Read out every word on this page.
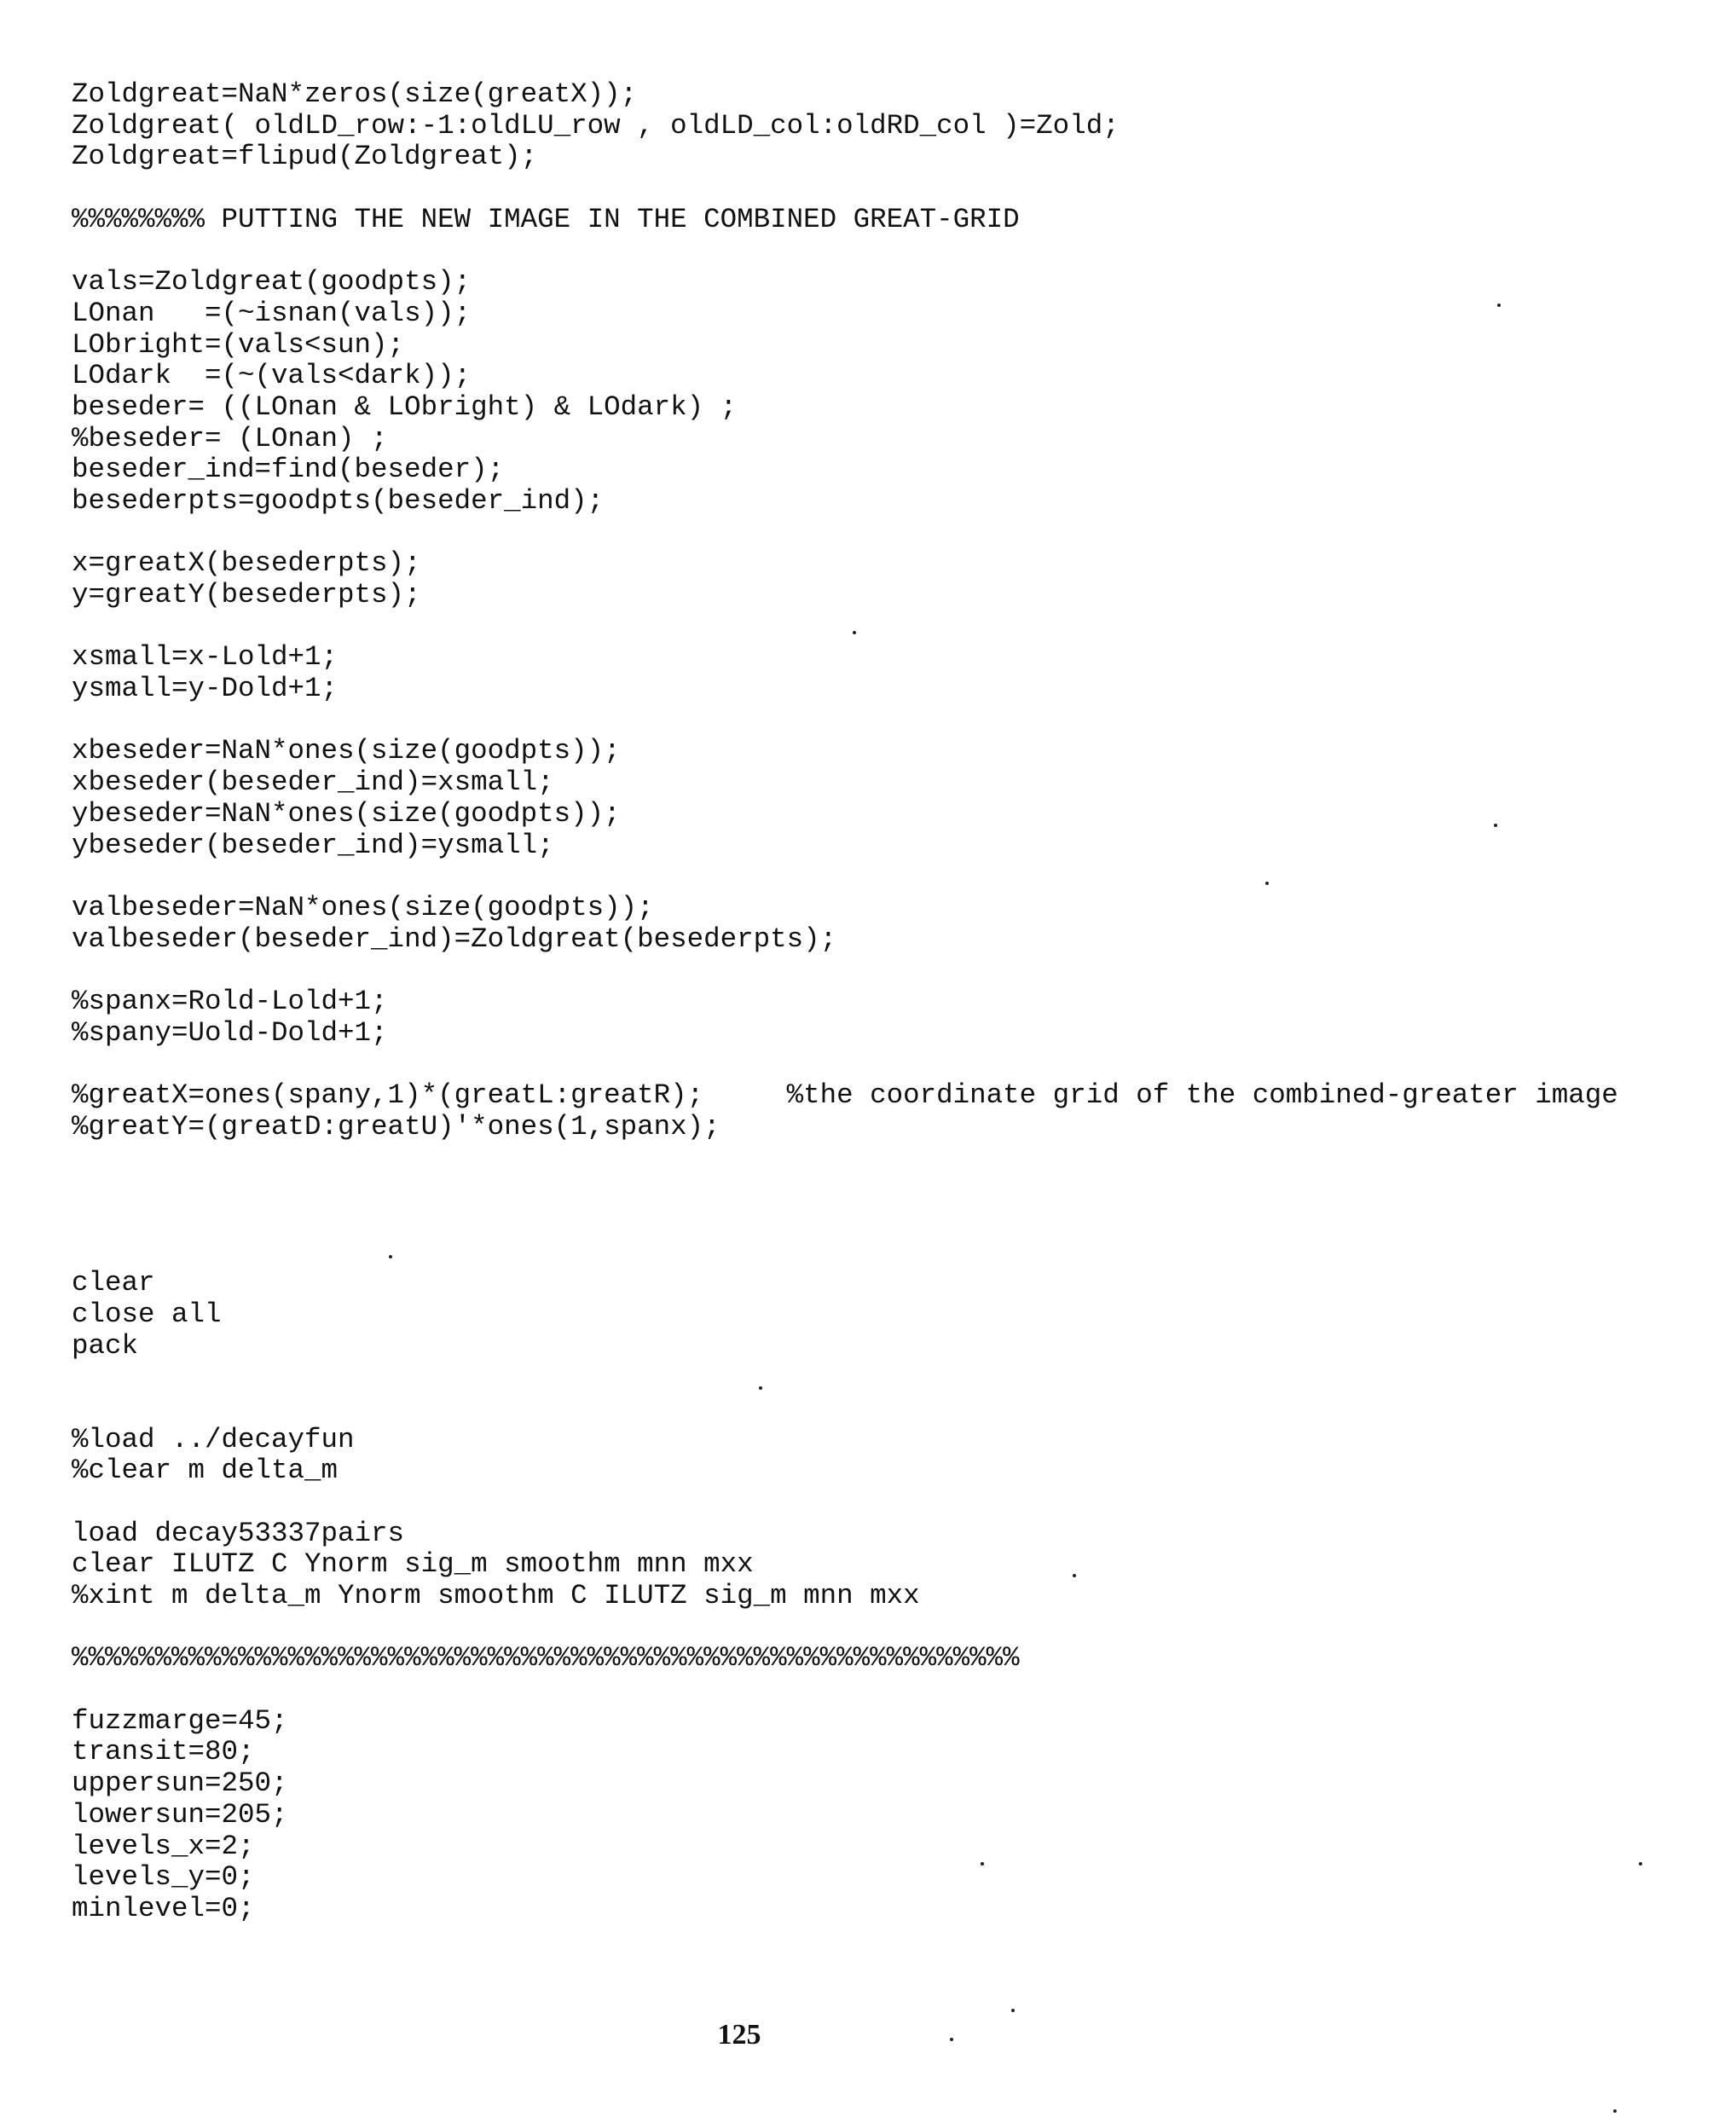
Zoldgreat=NaN*zeros(size(greatX));
Zoldgreat( oldLD_row:-1:oldLU_row , oldLD_col:oldRD_col )=Zold;
Zoldgreat=flipud(Zoldgreat);
%%%%%%%% PUTTING THE NEW IMAGE IN THE COMBINED GREAT-GRID
vals=Zoldgreat(goodpts);
LOnan   =(~isnan(vals));
LObright=(vals<sun);
LOdark  =(~(vals<dark));
beseder= ((LOnan & LObright) & LOdark) ;
%beseder= (LOnan) ;
beseder_ind=find(beseder);
besederpts=goodpts(beseder_ind);
x=greatX(besederpts);
y=greatY(besederpts);
xsmall=x-Lold+1;
ysmall=y-Dold+1;
xbeseder=NaN*ones(size(goodpts));
xbeseder(beseder_ind)=xsmall;
ybeseder=NaN*ones(size(goodpts));
ybeseder(beseder_ind)=ysmall;
valbeseder=NaN*ones(size(goodpts));
valbeseder(beseder_ind)=Zoldgreat(besederpts);
%spanx=Rold-Lold+1;
%spany=Uold-Dold+1;
%greatX=ones(spany,1)*(greatL:greatR);     %the coordinate grid of the combined-greater image
%greatY=(greatD:greatU)'*ones(1,spanx);
clear
close all
pack
%load ../decayfun
%clear m delta_m
load decay53337pairs
clear ILUTZ C Ynorm sig_m smoothm mnn mxx
%xint m delta_m Ynorm smoothm C ILUTZ sig_m mnn mxx
%%%%%%%%%%%%%%%%%%%%%%%%%%%%%%%%%%%%%%%%%%%%%%%%%%%%%%%%%
fuzzmarge=45;
transit=80;
uppersun=250;
lowersun=205;
levels_x=2;
levels_y=0;
minlevel=0;
125
